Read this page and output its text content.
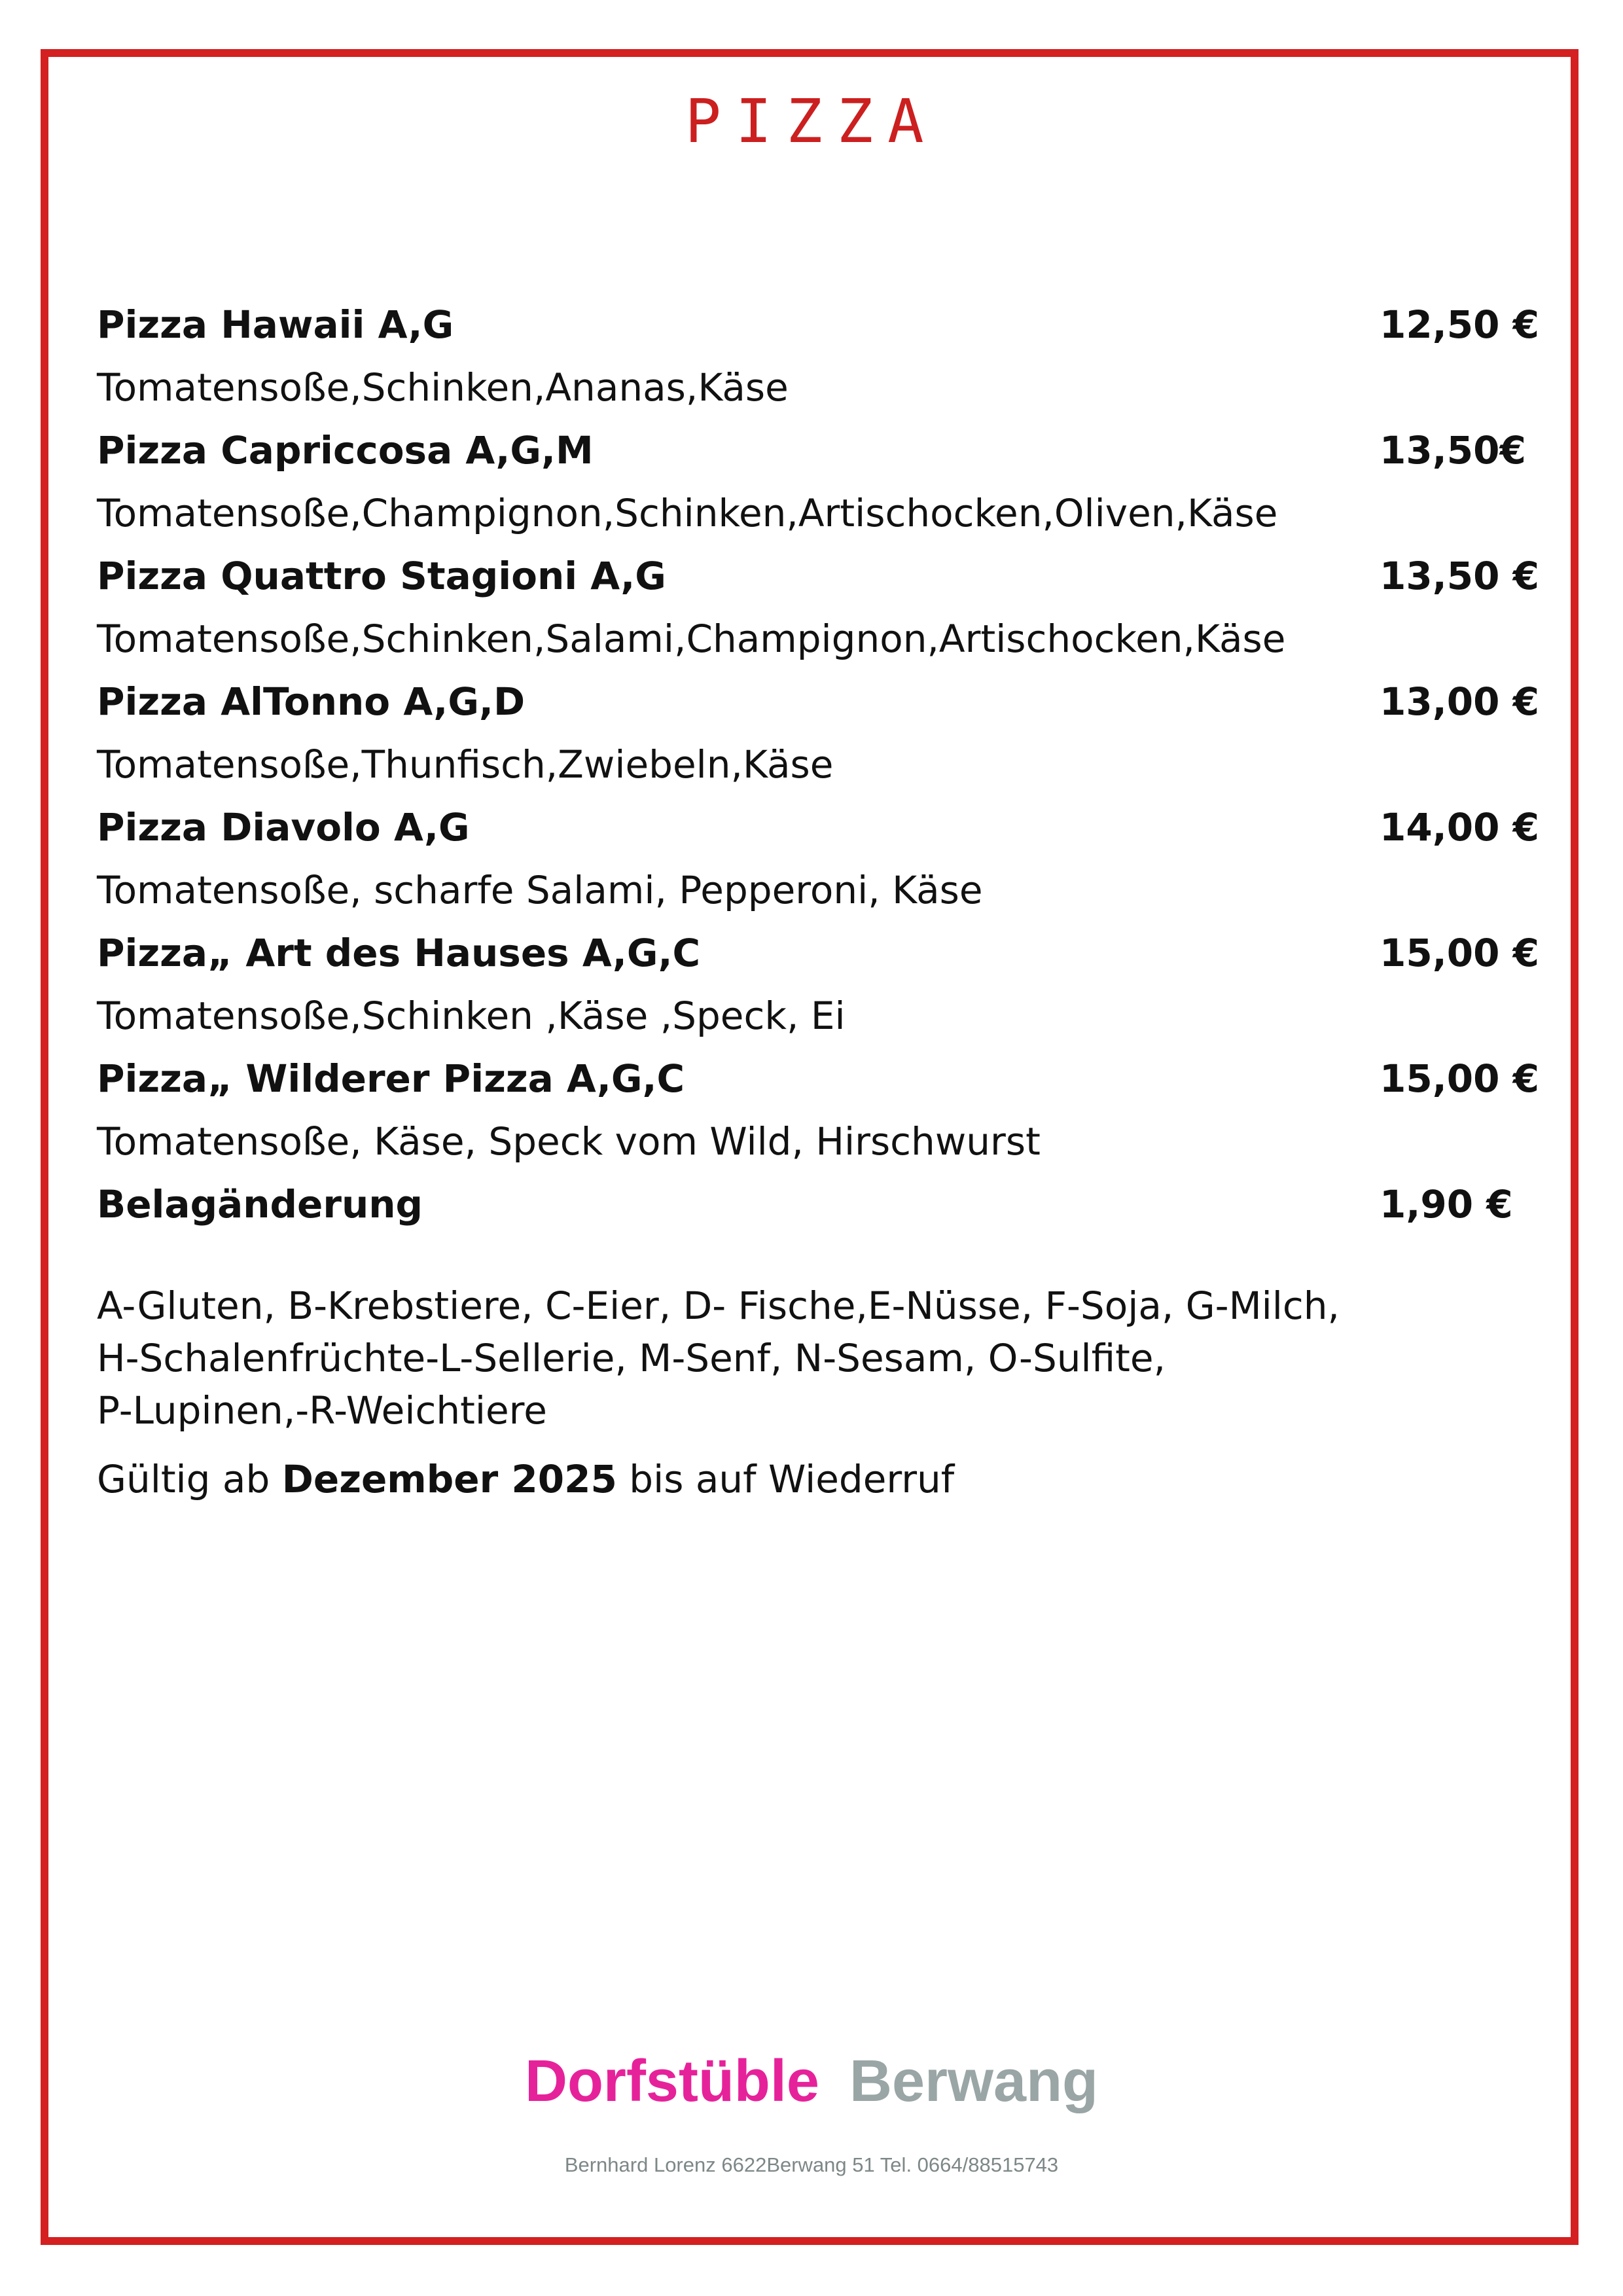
PIZZA
Pizza Hawaii A,G	12,50 €
Tomatensoße,Schinken,Ananas,Käse
Pizza Capriccosa A,G,M	13,50€
Tomatensoße,Champignon,Schinken,Artischocken,Oliven,Käse
Pizza Quattro Stagioni A,G	13,50 €
Tomatensoße,Schinken,Salami,Champignon,Artischocken,Käse
Pizza AlTonno A,G,D	13,00 €
Tomatensoße,Thunfisch,Zwiebeln,Käse
Pizza Diavolo A,G	14,00 €
Tomatensoße, scharfe Salami, Pepperoni, Käse
Pizza„ Art des Hauses A,G,C	15,00 €
Tomatensoße,Schinken ,Käse ,Speck, Ei
Pizza„ Wilderer Pizza A,G,C	15,00 €
Tomatensoße, Käse, Speck vom Wild, Hirschwurst
Belagänderung	1,90 €
A-Gluten, B-Krebstiere, C-Eier, D- Fische,E-Nüsse, F-Soja, G-Milch,
H-Schalenfrüchte-L-Sellerie, M-Senf, N-Sesam, O-Sulfite,
P-Lupinen,-R-Weichtiere
Gültig ab Dezember 2025 bis auf Wiederruf
Dorfstüble Berwang
Bernhard Lorenz 6622Berwang 51 Tel. 0664/88515743
